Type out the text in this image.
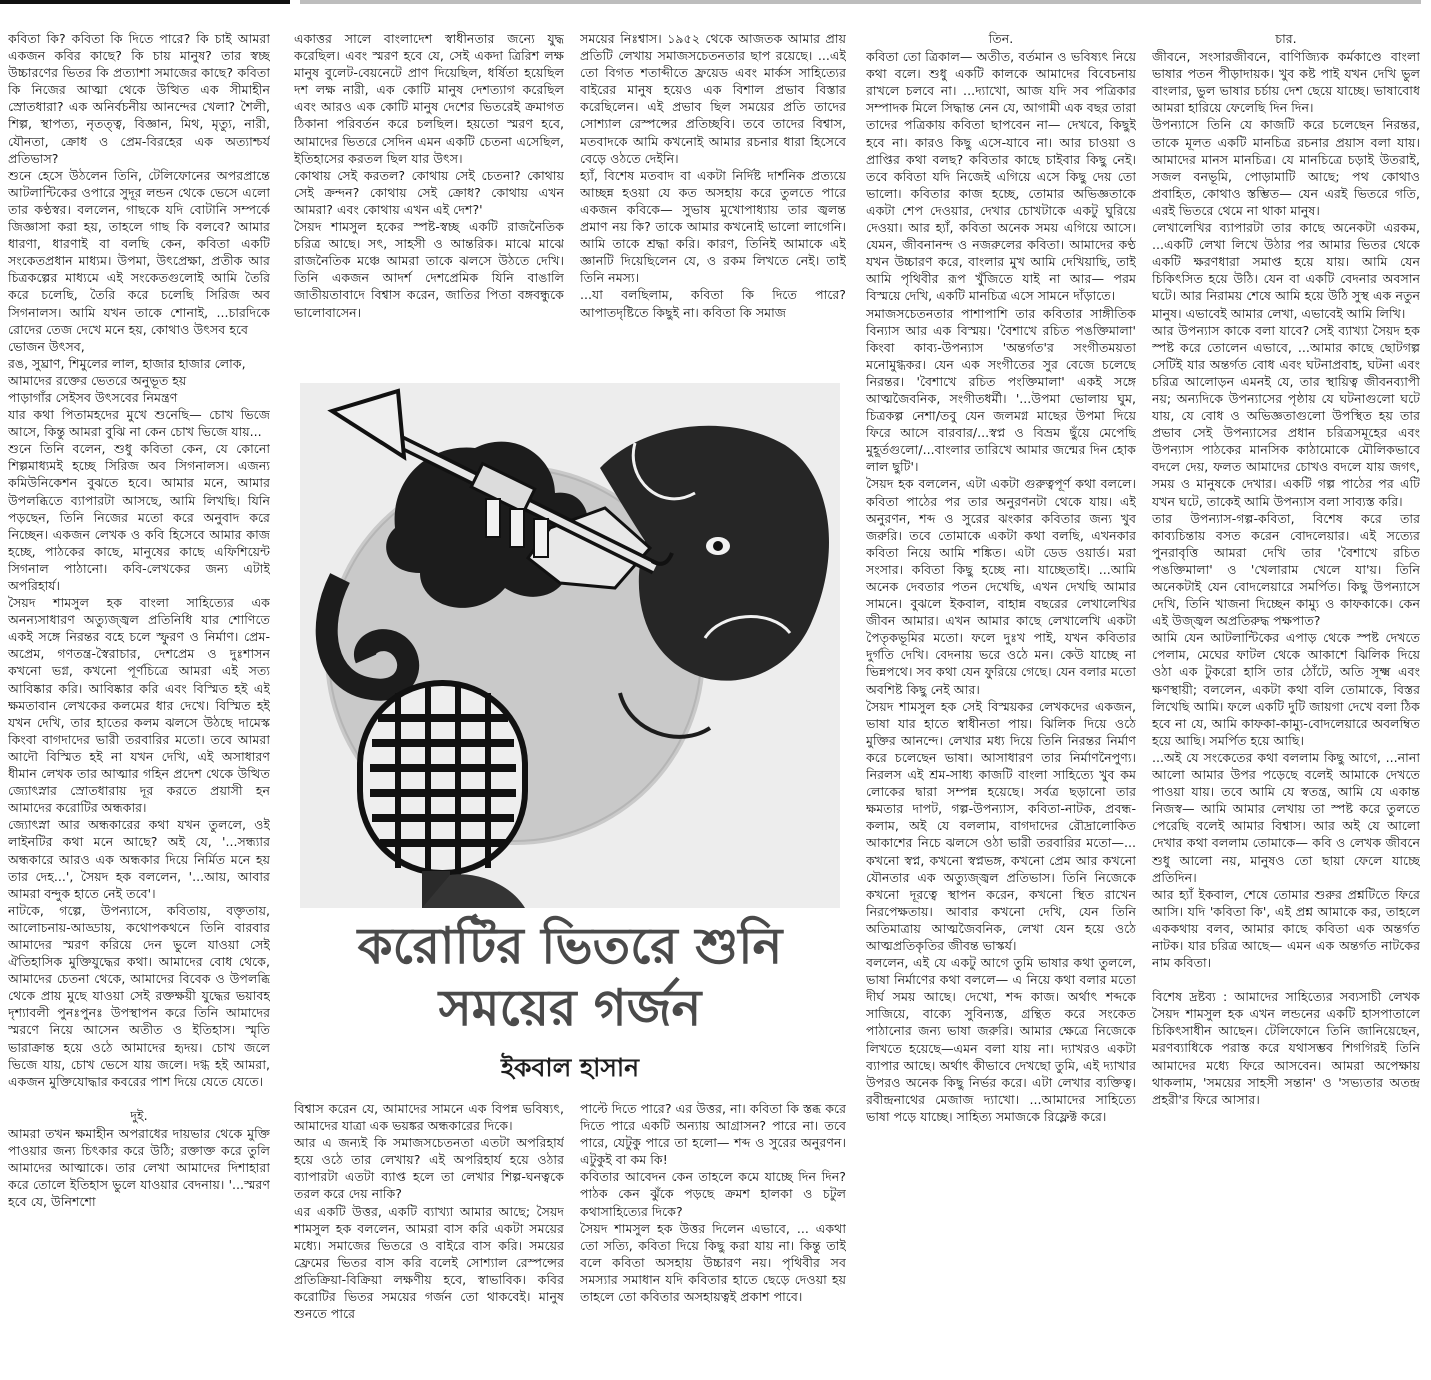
কবিতা কি? কবিতা কি দিতে পারে? কি চাই আমরা একজন কবির কাছে? কি চায় মানুষ? তার স্বচ্ছ উচ্চারণের ভিতর কি প্রত্যাশা সমাজের কাছে? কবিতা কি নিজের আত্মা থেকে উত্থিত এক সীমাহীন স্রোতধারা? এক অনির্বচনীয় আনন্দের খেলা? শৈলী, শিল্প, স্থাপত্য, নৃতত্ত্ব, বিজ্ঞান, মিথ, মৃত্যু, নারী, যৌনতা, ক্রোধ ও প্রেম-বিরহের এক অত্যাশ্চর্য প্রতিভাস?

শুনে হেসে উঠলেন তিনি, টেলিফোনের অপরপ্রান্তে আটলান্টিকের ওপারে সুদূর লন্ডন থেকে ভেসে এলো তার কণ্ঠস্বর। বললেন, গাছকে যদি বোটানি সম্পর্কে জিজ্ঞাসা করা হয়, তাহলে গাছ কি বলবে? আমার ধারণা, ধারণাই বা বলছি কেন, কবিতা একটি সংকেতপ্রধান মাধ্যম। উপমা, উৎপ্রেক্ষা, প্রতীক আর চিত্রকল্পের মাধ্যমে এই সংকেতগুলোই আমি তৈরি করে চলেছি, তৈরি করে চলেছি সিরিজ অব সিগনালস। আমি যখন তাকে শোনাই, ...চারদিকে রোদের তেজ দেখে মনে হয়, কোথাও উৎসব হবে

ভোজন উৎসব,

রঙ, সুঘ্রাণ, শিমুলের লাল, হাজার হাজার লোক,

আমাদের রক্তের ভেতরে অনুভূত হয়

পাড়াগাঁর সেইসব উৎসবের নিমন্ত্রণ

যার কথা পিতামহদের মুখে শুনেছি— চোখ ভিজে আসে, কিন্তু আমরা বুঝি না কেন চোখ ভিজে যায়...

শুনে তিনি বলেন, শুধু কবিতা কেন, যে কোনো শিল্পমাধ্যমই হচ্ছে সিরিজ অব সিগনালস। এজন্য কমিউনিকেশন বুঝতে হবে। আমার মনে, আমার উপলব্ধিতে ব্যাপারটা আসছে, আমি লিখছি। যিনি পড়ছেন, তিনি নিজের মতো করে অনুবাদ করে নিচ্ছেন। একজন লেখক ও কবি হিসেবে আমার কাজ হচ্ছে, পাঠকের কাছে, মানুষের কাছে এফিশিয়েন্ট সিগনাল পাঠানো। কবি-লেখকের জন্য এটাই অপরিহার্য।

সৈয়দ শামসুল হক বাংলা সাহিত্যের এক অনন্যসাধারণ অত্যুজ্জ্বল প্রতিনিধি যার শোণিতে একই সঙ্গে নিরন্তর বহে চলে স্ফুরণ ও নির্মাণ। প্রেম-অপ্রেম, গণতন্ত্র-স্বৈরাচার, দেশপ্রেম ও দুঃশাসন কখনো ভগ্ন, কখনো পূর্ণচিত্রে আমরা এই সত্য আবিষ্কার করি। আবিষ্কার করি এবং বিস্মিত হই এই ক্ষমতাবান লেখকের কলমের ধার দেখে। বিস্মিত হই যখন দেখি, তার হাতের কলম ঝলসে উঠছে দামেস্ক কিংবা বাগদাদের ভারী তরবারির মতো। তবে আমরা আদৌ বিস্মিত হই না যখন দেখি, এই অসাধারণ ধীমান লেখক তার আত্মার গহিন প্রদেশ থেকে উত্থিত জ্যোৎস্নার স্রোতধারায় দূর করতে প্রয়াসী হন আমাদের করোটির অন্ধকার।

জ্যোৎস্না আর অন্ধকারের কথা যখন তুললে, ওই লাইনটির কথা মনে আছে? অই যে, '...সন্ধ্যার অন্ধকারে আরও এক অন্ধকার দিয়ে নির্মিত মনে হয় তার দেহ...', সৈয়দ হক বললেন, '...আয়, আবার আমরা বন্দুক হাতে নেই তবে'।

নাটকে, গল্পে, উপন্যাসে, কবিতায়, বক্তৃতায়, আলোচনায়-আড্ডায়, কথোপকথনে তিনি বারবার আমাদের স্মরণ করিয়ে দেন ভুলে যাওয়া সেই ঐতিহাসিক মুক্তিযুদ্ধের কথা। আমাদের বোধ থেকে, আমাদের চেতনা থেকে, আমাদের বিবেক ও উপলব্ধি থেকে প্রায় মুছে যাওয়া সেই রক্তক্ষয়ী যুদ্ধের ভয়াবহ দৃশ্যাবলী পুনঃপুনঃ উপস্থাপন করে তিনি আমাদের স্মরণে নিয়ে আসেন অতীত ও ইতিহাস। স্মৃতি ভারাক্রান্ত হয়ে ওঠে আমাদের হৃদয়। চোখ জলে ভিজে যায়, চোখ ভেসে যায় জলে। দগ্ধ হই আমরা, একজন মুক্তিযোদ্ধার কবরের পাশ দিয়ে যেতে যেতে।

দুই.

আমরা তখন ক্ষমাহীন অপরাধের দায়ভার থেকে মুক্তি পাওয়ার জন্য চিৎকার করে উঠি; রক্তাক্ত করে তুলি আমাদের আত্মাকে। তার লেখা আমাদের দিশাহারা করে তোলে ইতিহাস ভুলে যাওয়ার বেদনায়। '...স্মরণ হবে যে, উনিশশো

একাত্তর সালে বাংলাদেশ স্বাধীনতার জন্যে যুদ্ধ করেছিল। এবং স্মরণ হবে যে, সেই একদা ত্রিরিশ লক্ষ মানুষ বুলেট-বেয়নেটে প্রাণ দিয়েছিল, ধর্ষিতা হয়েছিল দশ লক্ষ নারী, এক কোটি মানুষ দেশত্যাগ করেছিল এবং আরও এক কোটি মানুষ দেশের ভিতরেই ক্রমাগত ঠিকানা পরিবর্তন করে চলছিল। হয়তো স্মরণ হবে, আমাদের ভিতরে সেদিন এমন একটি চেতনা এসেছিল, ইতিহাসের করতল ছিল যার উৎস।

কোথায় সেই করতল? কোথায় সেই চেতনা? কোথায় সেই ক্রন্দন? কোথায় সেই ক্রোধ? কোথায় এখন আমরা? এবং কোথায় এখন এই দেশ?'

সৈয়দ শামসুল হকের স্পষ্ট-স্বচ্ছ একটি রাজনৈতিক চরিত্র আছে। সৎ, সাহসী ও আন্তরিক। মাঝে মাঝে রাজনৈতিক মঞ্চে আমরা তাকে ঝলসে উঠতে দেখি। তিনি একজন আদর্শ দেশপ্রেমিক যিনি বাঙালি জাতীয়তাবাদে বিশ্বাস করেন, জাতির পিতা বঙ্গবন্ধুকে ভালোবাসেন।

সময়ের নিঃশ্বাস। ১৯৫২ থেকে আজতক আমার প্রায় প্রতিটি লেখায় সমাজসচেতনতার ছাপ রয়েছে। ...এই তো বিগত শতাব্দীতে ফ্রয়েড এবং মার্কস সাহিত্যের বাইরের মানুষ হয়েও এক বিশাল প্রভাব বিস্তার করেছিলেন। এই প্রভাব ছিল সময়ের প্রতি তাদের সোশ্যাল রেস্পন্সের প্রতিচ্ছবি। তবে তাদের বিশ্বাস, মতবাদকে আমি কখনোই আমার রচনার ধারা হিসেবে বেড়ে ওঠতে দেইনি।

হ্যাঁ, বিশেষ মতবাদ বা একটা নির্দিষ্ট দার্শনিক প্রত্যয়ে আচ্ছন্ন হওয়া যে কত অসহায় করে তুলতে পারে একজন কবিকে— সুভাষ মুখোপাধ্যায় তার জ্বলন্ত প্রমাণ নয় কি? তাকে আমার কখনোই ভালো লাগেনি। আমি তাকে শ্রদ্ধা করি। কারণ, তিনিই আমাকে এই জ্ঞানটি দিয়েছিলেন যে, ও রকম লিখতে নেই। তাই তিনি নমস্য।

...যা বলছিলাম, কবিতা কি দিতে পারে? আপাতদৃষ্টিতে কিছুই না। কবিতা কি সমাজ

করোটির ভিতরে শুনি
সময়ের গর্জন
ইকবাল হাসান

বিশ্বাস করেন যে, আমাদের সামনে এক বিপন্ন ভবিষ্যৎ, আমাদের যাত্রা এক ভয়ঙ্কর অন্ধকারের দিকে।

আর এ জন্যই কি সমাজসচেতনতা এতটা অপরিহার্য হয়ে ওঠে তার লেখায়? এই অপরিহার্য হয়ে ওঠার ব্যাপারটা এতটা ব্যাপ্ত হলে তা লেখার শিল্প-ঘনত্বকে তরল করে দেয় নাকি?

এর একটি উত্তর, একটি ব্যাখ্যা আমার আছে; সৈয়দ শামসুল হক বললেন, আমরা বাস করি একটা সময়ের মধ্যে। সমাজের ভিতরে ও বাইরে বাস করি। সময়ের ফ্রেমের ভিতর বাস করি বলেই সোশ্যাল রেস্পন্সের প্রতিক্রিয়া-বিক্রিয়া লক্ষণীয় হবে, স্বাভাবিক। কবির করোটির ভিতর সময়ের গর্জন তো থাকবেই। মানুষ শুনতে পারে

পাল্টে দিতে পারে? এর উত্তর, না। কবিতা কি স্তব্ধ করে দিতে পারে একটি অন্যায় আগ্রাসন? পারে না। তবে পারে, যেটুকু পারে তা হলো— শব্দ ও সুরের অনুরণন। এটুকুই বা কম কি!

কবিতার আবেদন কেন তাহলে কমে যাচ্ছে দিন দিন? পাঠক কেন ঝুঁকে পড়ছে ক্রমশ হালকা ও চটুল কথাসাহিত্যের দিকে?

সৈয়দ শামসুল হক উত্তর দিলেন এভাবে, ... একথা তো সত্যি, কবিতা দিয়ে কিছু করা যায় না। কিন্তু তাই বলে কবিতা অসহায় উচ্চারণ নয়। পৃথিবীর সব সমস্যার সমাধান যদি কবিতার হাতে ছেড়ে দেওয়া হয় তাহলে তো কবিতার অসহায়ত্বই প্রকাশ পাবে।

তিন.

কবিতা তো ত্রিকাল— অতীত, বর্তমান ও ভবিষ্যৎ নিয়ে কথা বলে। শুধু একটি কালকে আমাদের বিবেচনায় রাখলে চলবে না। ...দ্যাখো, আজ যদি সব পত্রিকার সম্পাদক মিলে সিদ্ধান্ত নেন যে, আগামী এক বছর তারা তাদের পত্রিকায় কবিতা ছাপবেন না— দেখবে, কিছুই হবে না। কারও কিছু এসে-যাবে না। আর চাওয়া ও প্রাপ্তির কথা বলছ? কবিতার কাছে চাইবার কিছু নেই। তবে কবিতা যদি নিজেই এগিয়ে এসে কিছু দেয় তো ভালো। কবিতার কাজ হচ্ছে, তোমার অভিজ্ঞতাকে একটা শেপ দেওয়ার, দেখার চোখটাকে একটু ঘুরিয়ে দেওয়া। আর হ্যাঁ, কবিতা অনেক সময় এগিয়ে আসে। যেমন, জীবনানন্দ ও নজরুলের কবিতা। আমাদের কণ্ঠ যখন উচ্চারণ করে, বাংলার মুখ আমি দেখিয়াছি, তাই আমি পৃথিবীর রূপ খুঁজিতে যাই না আর— পরম বিস্ময়ে দেখি, একটি মানচিত্র এসে সামনে দাঁড়াতে।

সমাজসচেতনতার পাশাপাশি তার কবিতার সাঙ্গীতিক বিন্যাস আর এক বিস্ময়। 'বৈশাখে রচিত পঙক্তিমালা' কিংবা কাব্য-উপন্যাস 'অন্তর্গত'র সংগীতময়তা মনোমুগ্ধকর। যেন এক সংগীতের সুর বেজে চলেছে নিরন্তর। 'বৈশাখে রচিত পংক্তিমালা' একই সঙ্গে আত্মজৈবনিক, সংগীতধর্মী। '...উপমা ভোলায় ঘুম, চিত্রকল্প নেশা/তবু যেন জলমগ্ন মাছের উপমা দিয়ে ফিরে আসে বারবার/...স্বপ্ন ও বিভ্রম ছুঁয়ে মেপেছি মুহূর্তগুলো/...বাংলার তারিখে আমার জন্মের দিন হোক লাল ছুটি'।

সৈয়দ হক বললেন, এটা একটা গুরুত্বপূর্ণ কথা বললে। কবিতা পাঠের পর তার অনুরণনটা থেকে যায়। এই অনুরণন, শব্দ ও সুরের ঝংকার কবিতার জন্য খুব জরুরি। তবে তোমাকে একটা কথা বলছি, এখনকার কবিতা নিয়ে আমি শঙ্কিত। এটা ডেড ওয়ার্ড। মরা সংসার। কবিতা কিছু হচ্ছে না। যাচ্ছেতাই। ...আমি অনেক দেবতার পতন দেখেছি, এখন দেখছি আমার সামনে। বুঝলে ইকবাল, বাহান্ন বছরের লেখালেখির জীবন আমার। এখন আমার কাছে লেখালেখি একটা পৈতৃকভূমির মতো। ফলে দুঃখ পাই, যখন কবিতার দুর্গতি দেখি। বেদনায় ভরে ওঠে মন। কেউ যাচ্ছে না ভিন্নপথে। সব কথা যেন ফুরিয়ে গেছে। যেন বলার মতো অবশিষ্ট কিছু নেই আর।

সৈয়দ শামসুল হক সেই বিস্ময়কর লেখকদের একজন, ভাষা যার হাতে স্বাধীনতা পায়। ঝিলিক দিয়ে ওঠে মুক্তির আনন্দে। লেখার মধ্য দিয়ে তিনি নিরন্তর নির্মাণ করে চলেছেন ভাষা। আসাধারণ তার নির্মাণনৈপুণ্য। নিরলস এই শ্রম-সাধ্য কাজটি বাংলা সাহিত্যে খুব কম লোকের দ্বারা সম্পন্ন হয়েছে। সর্বত্র ছড়ানো তার ক্ষমতার দাপট, গল্প-উপন্যাস, কবিতা-নাটক, প্রবন্ধ-কলাম, অই যে বললাম, বাগদাদের রৌদ্রালোকিত আকাশের নিচে ঝলসে ওঠা ভারী তরবারির মতো—... কখনো স্বপ্ন, কখনো স্বপ্নভঙ্গ, কখনো প্রেম আর কখনো যৌনতার এক অত্যুজ্জ্বল প্রতিভাস। তিনি নিজেকে কখনো দূরত্বে স্থাপন করেন, কখনো স্থিত রাখেন নিরপেক্ষতায়। আবার কখনো দেখি, যেন তিনি অতিমাত্রায় আত্মজৈবনিক, লেখা যেন হয়ে ওঠে আত্মপ্রতিকৃতির জীবন্ত ভাস্কর্য।

বললেন, এই যে একটু আগে তুমি ভাষার কথা তুললে, ভাষা নির্মাণের কথা বললে— এ নিয়ে কথা বলার মতো দীর্ঘ সময় আছে। দেখো, শব্দ কাজ। অর্থাৎ শব্দকে সাজিয়ে, বাক্যে সুবিন্যস্ত, গ্রন্থিত করে সংকেত পাঠানোর জন্য ভাষা জরুরি। আমার ক্ষেত্রে নিজেকে লিখতে হয়েছে—এমন বলা যায় না। দ্যাখরও একটা ব্যাপার আছে। অর্থাৎ কীভাবে দেখছো তুমি, এই দ্যাখার উপরও অনেক কিছু নির্ভর করে। এটা লেখার ব্যক্তিত্ব। রবীন্দ্রনাথের মেজাজ দ্যাখো। ...আমাদের সাহিত্যে ভাষা পড়ে যাচ্ছে। সাহিত্য সমাজকে রিফ্লেক্ট করে।

চার.

জীবনে, সংসারজীবনে, বাণিজ্যিক কর্মকাণ্ডে বাংলা ভাষার পতন পীড়াদায়ক। খুব কষ্ট পাই যখন দেখি ভুল বাংলার, ভুল ভাষার চর্চায় দেশ ছেয়ে যাচ্ছে। ভাষাবোধ আমরা হারিয়ে ফেলেছি দিন দিন।

উপন্যাসে তিনি যে কাজটি করে চলেছেন নিরন্তর, তাকে মূলত একটি মানচিত্র রচনার প্রয়াস বলা যায়। আমাদের মানস মানচিত্র। যে মানচিত্রে চড়াই উতরাই, সজল বনভূমি, পোড়ামাটি আছে; পথ কোথাও প্রবাহিত, কোথাও স্তম্ভিত— যেন এরই ভিতরে গতি, এরই ভিতরে থেমে না থাকা মানুষ।

লেখালেখির ব্যাপারটা তার কাছে অনেকটা এরকম, ...একটি লেখা লিখে উঠার পর আমার ভিতর থেকে একটি ক্ষরণধারা সমাপ্ত হয়ে যায়। আমি যেন চিকিৎসিত হয়ে উঠি। যেন বা একটি বেদনার অবসান ঘটে। আর নিরাময় শেষে আমি হয়ে উঠি সুস্থ এক নতুন মানুষ। এভাবেই আমার লেখা, এভাবেই আমি লিখি।

আর উপন্যাস কাকে বলা যাবে? সেই ব্যাখ্যা সৈয়দ হক স্পষ্ট করে তোলেন এভাবে, ...আমার কাছে ছোটগল্প সেটিই যার অন্তর্গত বোধ এবং ঘটনাপ্রবাহ, ঘটনা এবং চরিত্র আলোড়ন এমনই যে, তার স্থায়িত্ব জীবনব্যাপী নয়; অন্যদিকে উপন্যাসের পৃষ্ঠায় যে ঘটনাগুলো ঘটে যায়, যে বোধ ও অভিজ্ঞতাগুলো উপস্থিত হয় তার প্রভাব সেই উপন্যাসের প্রধান চরিত্রসমূহের এবং উপন্যাস পাঠকের মানসিক কাঠামোকে মৌলিকভাবে বদলে দেয়, ফলত আমাদের চোখও বদলে যায় জগৎ, সময় ও মানুষকে দেখার। একটি গল্প পাঠের পর এটি যখন ঘটে, তাকেই আমি উপন্যাস বলা সাব্যস্ত করি।

তার উপন্যাস-গল্প-কবিতা, বিশেষ করে তার কাব্যচিন্তায় বসত করেন বোদলেয়ার। এই সত্যের পুনরাবৃত্তি আমরা দেখি তার 'বৈশাখে রচিত পঙক্তিমালা' ও 'খেলারাম খেলে যা'য়। তিনি অনেকটাই যেন বোদলেয়ারে সমর্পিত। কিছু উপন্যাসে দেখি, তিনি খাজনা দিচ্ছেন কাম্যু ও কাফকাকে। কেন এই উজ্জ্বল অপ্রতিরুদ্ধ পক্ষপাত?

আমি যেন আটলান্টিকের এপাড় থেকে স্পষ্ট দেখতে পেলাম, মেঘের ফাটল থেকে আকাশে ঝিলিক দিয়ে ওঠা এক টুকরো হাসি তার ঠোঁটে, অতি সূক্ষ্ম এবং ক্ষণস্থায়ী; বললেন, একটা কথা বলি তোমাকে, বিস্তর লিখেছি আমি। ফলে একটি দুটি জায়গা দেখে বলা ঠিক হবে না যে, আমি কাফকা-কাম্যু-বোদলেয়ারে অবলম্বিত হয়ে আছি। সমর্পিত হয়ে আছি।

...অই যে সংকেতের কথা বললাম কিছু আগে, ...নানা আলো আমার উপর পড়েছে বলেই আমাকে দেখতে পাওয়া যায়। তবে আমি যে স্বতন্ত্র, আমি যে একান্ত নিজস্ব— আমি আমার লেখায় তা স্পষ্ট করে তুলতে পেরেছি বলেই আমার বিশ্বাস। আর অই যে আলো দেখার কথা বললাম তোমাকে— কবি ও লেখক জীবনে শুধু আলো নয়, মানুষও তো ছায়া ফেলে যাচ্ছে প্রতিদিন।

আর হ্যাঁ ইকবাল, শেষে তোমার শুরুর প্রশ্নটিতে ফিরে আসি। যদি 'কবিতা কি', এই প্রশ্ন আমাকে কর, তাহলে এককথায় বলব, আমার কাছে কবিতা এক অন্তর্গত নাটক। যার চরিত্র আছে— এমন এক অন্তর্গত নাটকের নাম কবিতা।

বিশেষ দ্রষ্টব্য : আমাদের সাহিত্যের সব্যসাচী লেখক সৈয়দ শামসুল হক এখন লন্ডনের একটি হাসপাতালে চিকিৎসাধীন আছেন। টেলিফোনে তিনি জানিয়েছেন, মরণব্যাধিকে পরাস্ত করে যথাসম্ভব শিগগিরই তিনি আমাদের মধ্যে ফিরে আসবেন। আমরা অপেক্ষায় থাকলাম, 'সময়ের সাহসী সন্তান' ও 'সভ্যতার অতন্দ্র প্রহরী'র ফিরে আসার।
